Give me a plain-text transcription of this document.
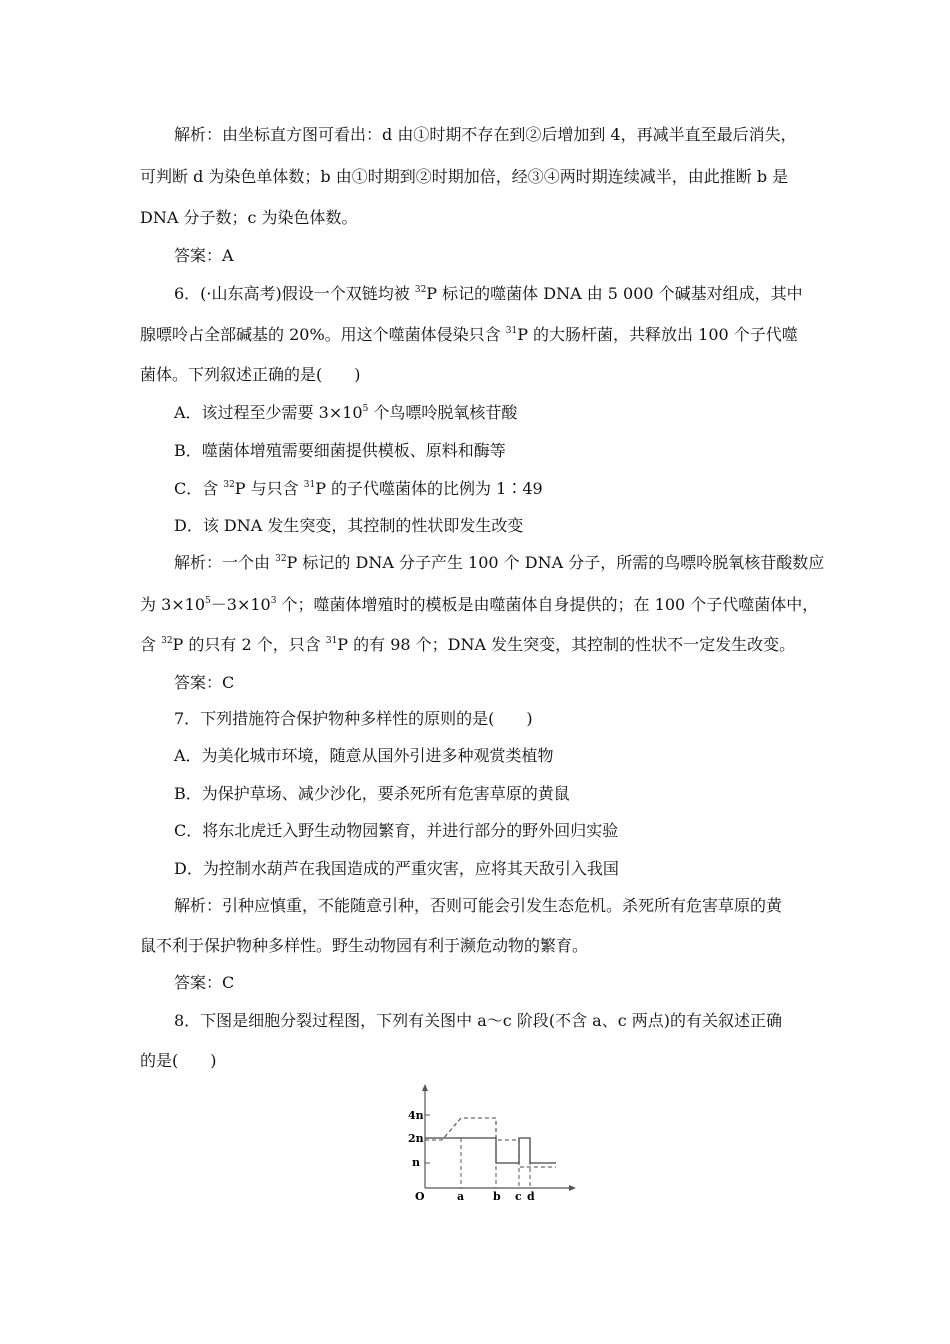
解析：由坐标直方图可看出：d 由①时期不存在到②后增加到 4，再减半直至最后消失，
可判断 d 为染色单体数；b 由①时期到②时期加倍，经③④两时期连续减半，由此推断 b 是
DNA 分子数；c 为染色体数。
答案：A
6．(·山东高考)假设一个双链均被 $^{32}$P 标记的噬菌体 DNA 由 5 000 个碱基对组成，其中
腺嘌呤占全部碱基的 20%。用这个噬菌体侵染只含 $^{31}$P 的大肠杆菌，共释放出 100 个子代噬
菌体。下列叙述正确的是(　　)
A．该过程至少需要 $3\times 10^5$ 个鸟嘌呤脱氧核苷酸
B．噬菌体增殖需要细菌提供模板、原料和酶等
C．含 $^{32}$P 与只含 $^{31}$P 的子代噬菌体的比例为 1∶49
D．该 DNA 发生突变，其控制的性状即发生改变
解析：一个由 $^{32}$P 标记的 DNA 分子产生 100 个 DNA 分子，所需的鸟嘌呤脱氧核苷酸数应
为 $3\times 10^5-3\times 10^3$ 个；噬菌体增殖时的模板是由噬菌体自身提供的；在 100 个子代噬菌体中，
含 $^{32}$P 的只有 2 个，只含 $^{31}$P 的有 98 个；DNA 发生突变，其控制的性状不一定发生改变。
答案：C
7．下列措施符合保护物种多样性的原则的是(　　)
A．为美化城市环境，随意从国外引进多种观赏类植物
B．为保护草场、减少沙化，要杀死所有危害草原的黄鼠
C．将东北虎迁入野生动物园繁育，并进行部分的野外回归实验
D．为控制水葫芦在我国造成的严重灾害，应将其天敌引入我国
解析：引种应慎重，不能随意引种，否则可能会引发生态危机。杀死所有危害草原的黄
鼠不利于保护物种多样性。野生动物园有利于濒危动物的繁育。
答案：C
8．下图是细胞分裂过程图，下列有关图中 a～c 阶段(不含 a、c 两点)的有关叙述正确
的是(　　)
4n
2n
n
O	a	b c d
